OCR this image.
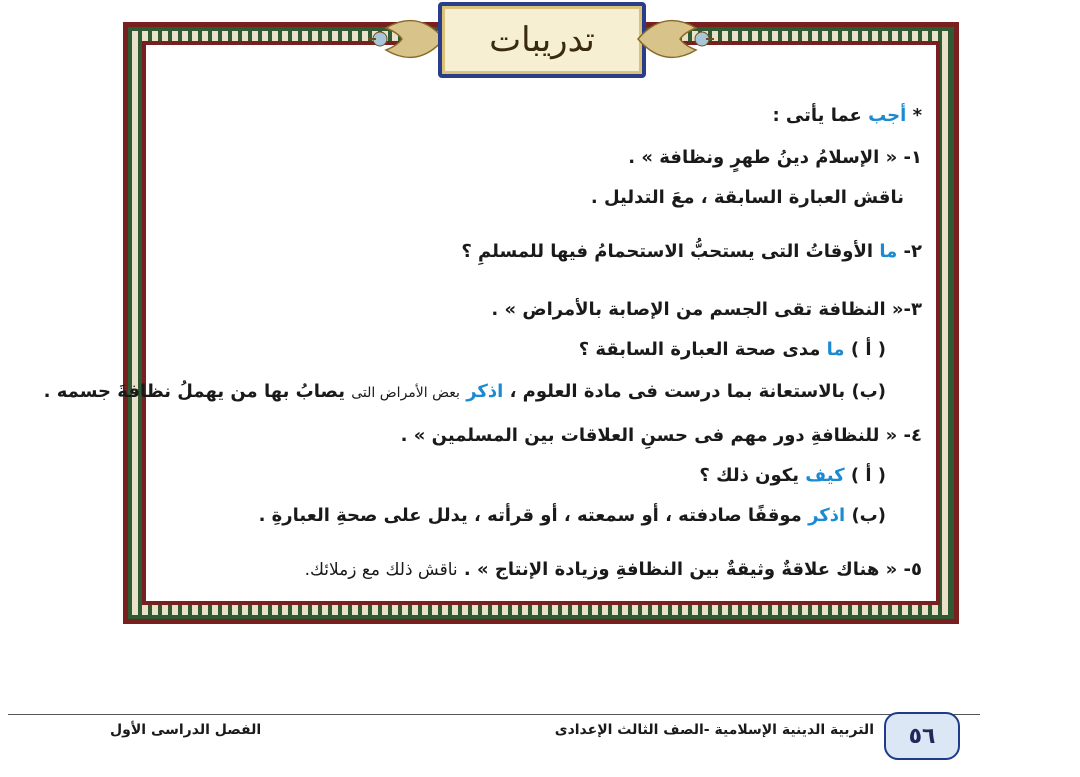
تدريبات
* أجب عما يأتى :
١- « الإسلامُ دينُ طهرٍ ونظافة » .
ناقش العبارة السابقة ، معَ التدليل .
٢- ما الأوقاتُ التى يستحبُّ الاستحمامُ فيها للمسلمِ ؟
٣-« النظافة تقى الجسم من الإصابة بالأمراض » .
( أ ) ما مدى صحة العبارة السابقة ؟
(ب) بالاستعانة بما درست فى مادة العلوم ، اذكر بعض الأمراض التى يصابُ بها من يهملُ نظافةَ جسمه .
٤- « للنظافةِ دور مهم فى حسنِ العلاقات بين المسلمين » .
( أ ) كيف يكون ذلك ؟
(ب) اذكر موقفًا صادفته ، أو سمعته ، أو قرأته ، يدلل على صحةِ العبارةِ .
٥- « هناك علاقةٌ وثيقةٌ بين النظافةِ وزيادة الإنتاج » . ناقش ذلك مع زملائك.
٥٦
التربية الدينية الإسلامية -الصف الثالث الإعدادى
الفصل الدراسى الأول
